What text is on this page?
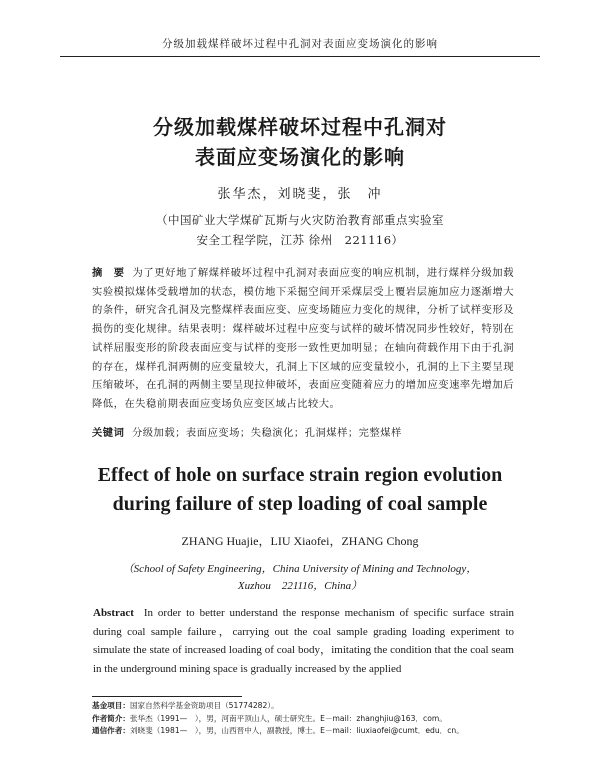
分级加载煤样破坏过程中孔洞对表面应变场演化的影响
分级加载煤样破坏过程中孔洞对
表面应变场演化的影响
张华杰，刘晓斐，张　冲
（中国矿业大学煤矿瓦斯与火灾防治教育部重点实验室
安全工程学院，江苏 徐州　221116）
摘　要 为了更好地了解煤样破坏过程中孔洞对表面应变的响应机制，进行煤样分级加载实验模拟煤体受载增加的状态，模仿地下采掘空间开采煤层受上覆岩层施加应力逐渐增大的条件，研究含孔洞及完整煤样表面应变、应变场随应力变化的规律，分析了试样变形及损伤的变化规律。结果表明：煤样破坏过程中应变与试样的破坏情况同步性较好，特别在试样屈服变形的阶段表面应变与试样的变形一致性更加明显；在轴向荷载作用下由于孔洞的存在，煤样孔洞两侧的应变量较大，孔洞上下区域的应变量较小，孔洞的上下主要呈现压缩破坏，在孔洞的两侧主要呈现拉伸破坏，表面应变随着应力的增加应变速率先增加后降低，在失稳前期表面应变场负应变区域占比较大。
关键词 分级加载；表面应变场；失稳演化；孔洞煤样；完整煤样
Effect of hole on surface strain region evolution
during failure of step loading of coal sample
ZHANG Huajie，LIU Xiaofei，ZHANG Chong
（School of Safety Engineering，China University of Mining and Technology，
Xuzhou　221116，China）
Abstract In order to better understand the response mechanism of specific surface strain during coal sample failure，carrying out the coal sample grading loading experiment to simulate the state of increased loading of coal body，imitating the condition that the coal seam in the underground mining space is gradually increased by the applied
基金项目：国家自然科学基金资助项目（51774282）。
作者简介：张华杰（1991—　），男，河南平顶山人，硕士研究生。E－mail：zhanghjiu@163．com。
通信作者：刘晓斐（1981—　），男，山西晋中人，副教授，博士。E－mail：liuxiaofei@cumt．edu．cn。
